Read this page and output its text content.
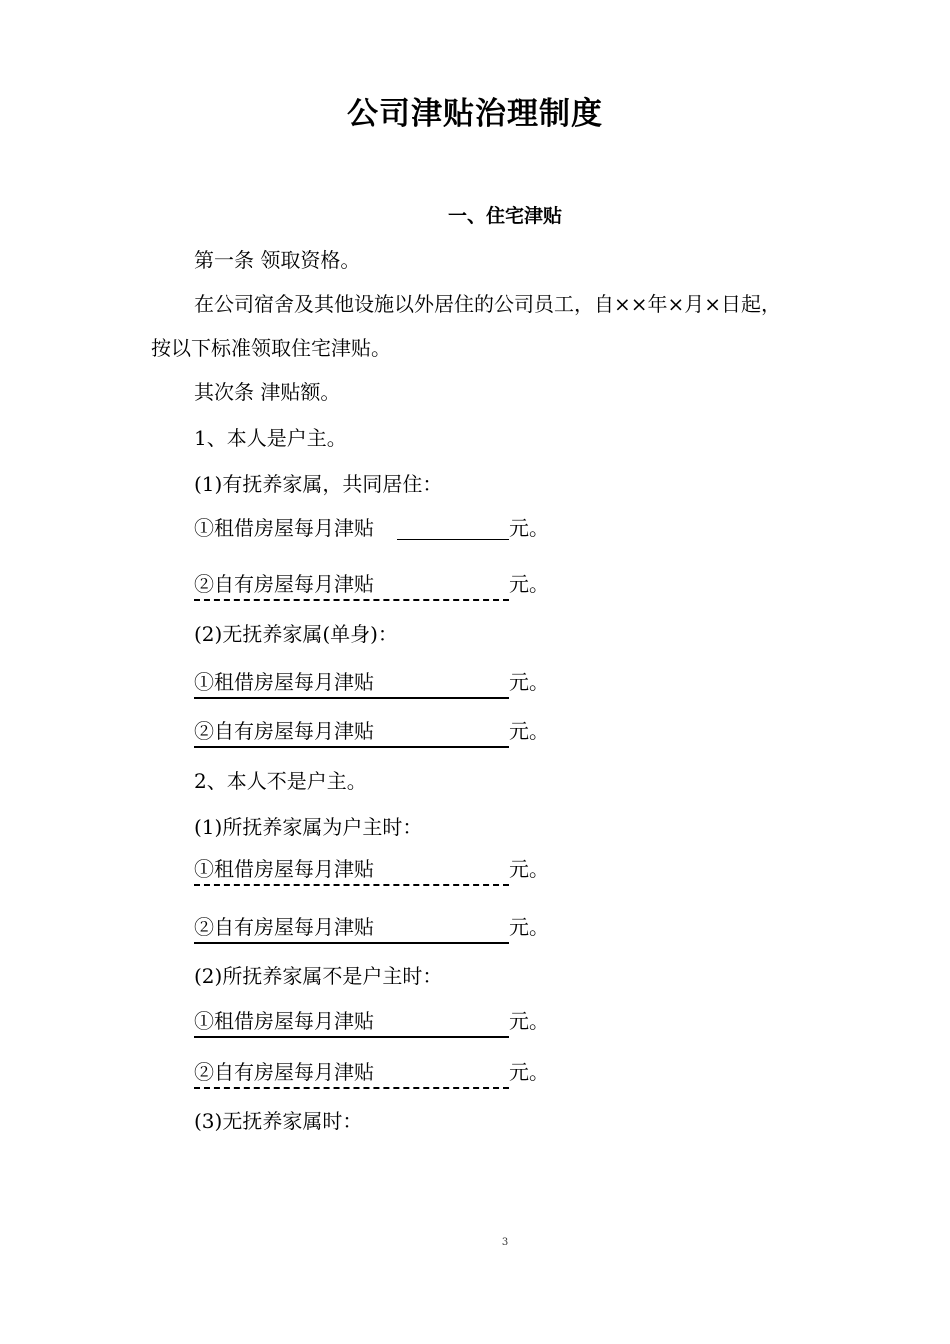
公司津贴治理制度
一、住宅津贴
第一条 领取资格。
在公司宿舍及其他设施以外居住的公司员工，自××年×月×日起，
按以下标准领取住宅津贴。
其次条 津贴额。
1、本人是户主。
(1)有抚养家属，共同居住：
①租借房屋每月津贴	元。
②自有房屋每月津贴	元。
(2)无抚养家属(单身)：
①租借房屋每月津贴	元。
②自有房屋每月津贴	元。
2、本人不是户主。
(1)所抚养家属为户主时：
①租借房屋每月津贴	元。
②自有房屋每月津贴	元。
(2)所抚养家属不是户主时：
①租借房屋每月津贴	元。
②自有房屋每月津贴	元。
(3)无抚养家属时：
3
